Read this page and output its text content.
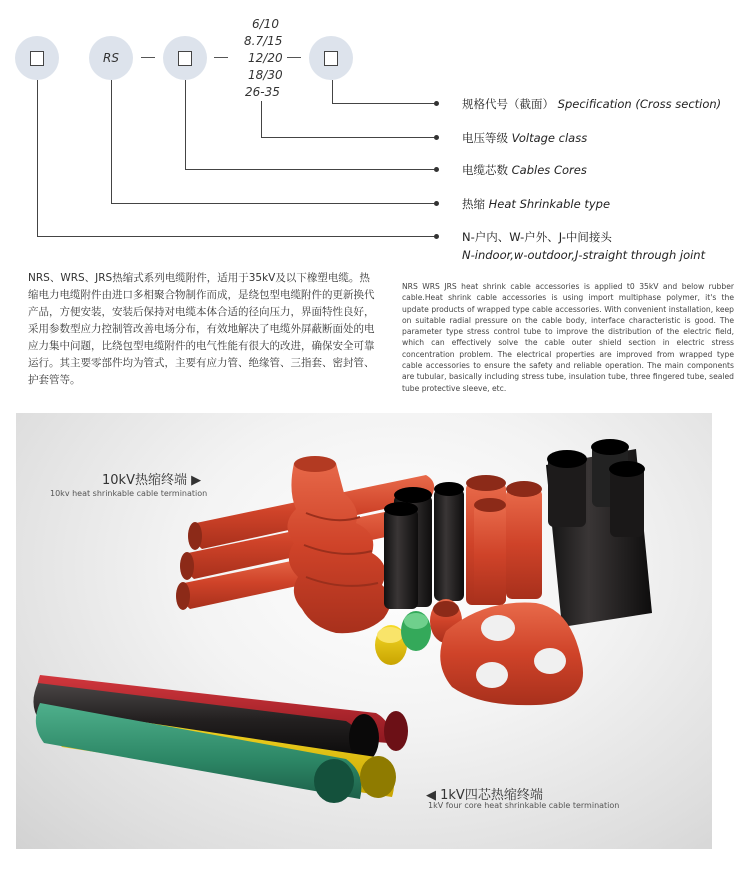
RS
6/10
8.7/15
12/20
18/30
26-35
规格代号（截面） Specification (Cross section)
电压等级 Voltage class
电缆芯数 Cables Cores
热缩 Heat Shrinkable type
N-户内、W-户外、J-中间接头
N-indoor,w-outdoor,J-straight through joint

NRS、WRS、JRS热缩式系列电缆附件，适用于35kV及以下橡塑电缆。热缩电力电缆附件由进口多相聚合物制作而成，是绕包型电缆附件的更新换代产品，方便安装，安装后保持对电缆本体合适的径向压力，界面特性良好，采用参数型应力控制管改善电场分布，有效地解决了电缆外屏蔽断面处的电应力集中问题，比绕包型电缆附件的电气性能有很大的改进，确保安全可靠运行。其主要零部件均为管式，主要有应力管、绝缘管、三指套、密封管、护套管等。

NRS WRS JRS heat shrink cable accessories is applied t0 35kV and below rubber cable.Heat shrink cable accessories is using import multiphase polymer, it's the update products of wrapped type cable accessories. With convenient installation, keep on suitable radial pressure on the cable body, interface characteristic is good. The parameter type stress control tube to improve the distribution of the electric field, which can effectively solve the cable outer shield section in electric stress concentration problem. The electrical properties are improved from wrapped type cable accessories to ensure the safety and reliable operation. The main components are tubular, basically including stress tube, insulation tube, three fingered tube, sealed tube protective sleeve, etc.

10kV热缩终端 ▶
10kv heat shrinkable cable termination
◀ 1kV四芯热缩终端
1kV four core heat shrinkable cable termination
